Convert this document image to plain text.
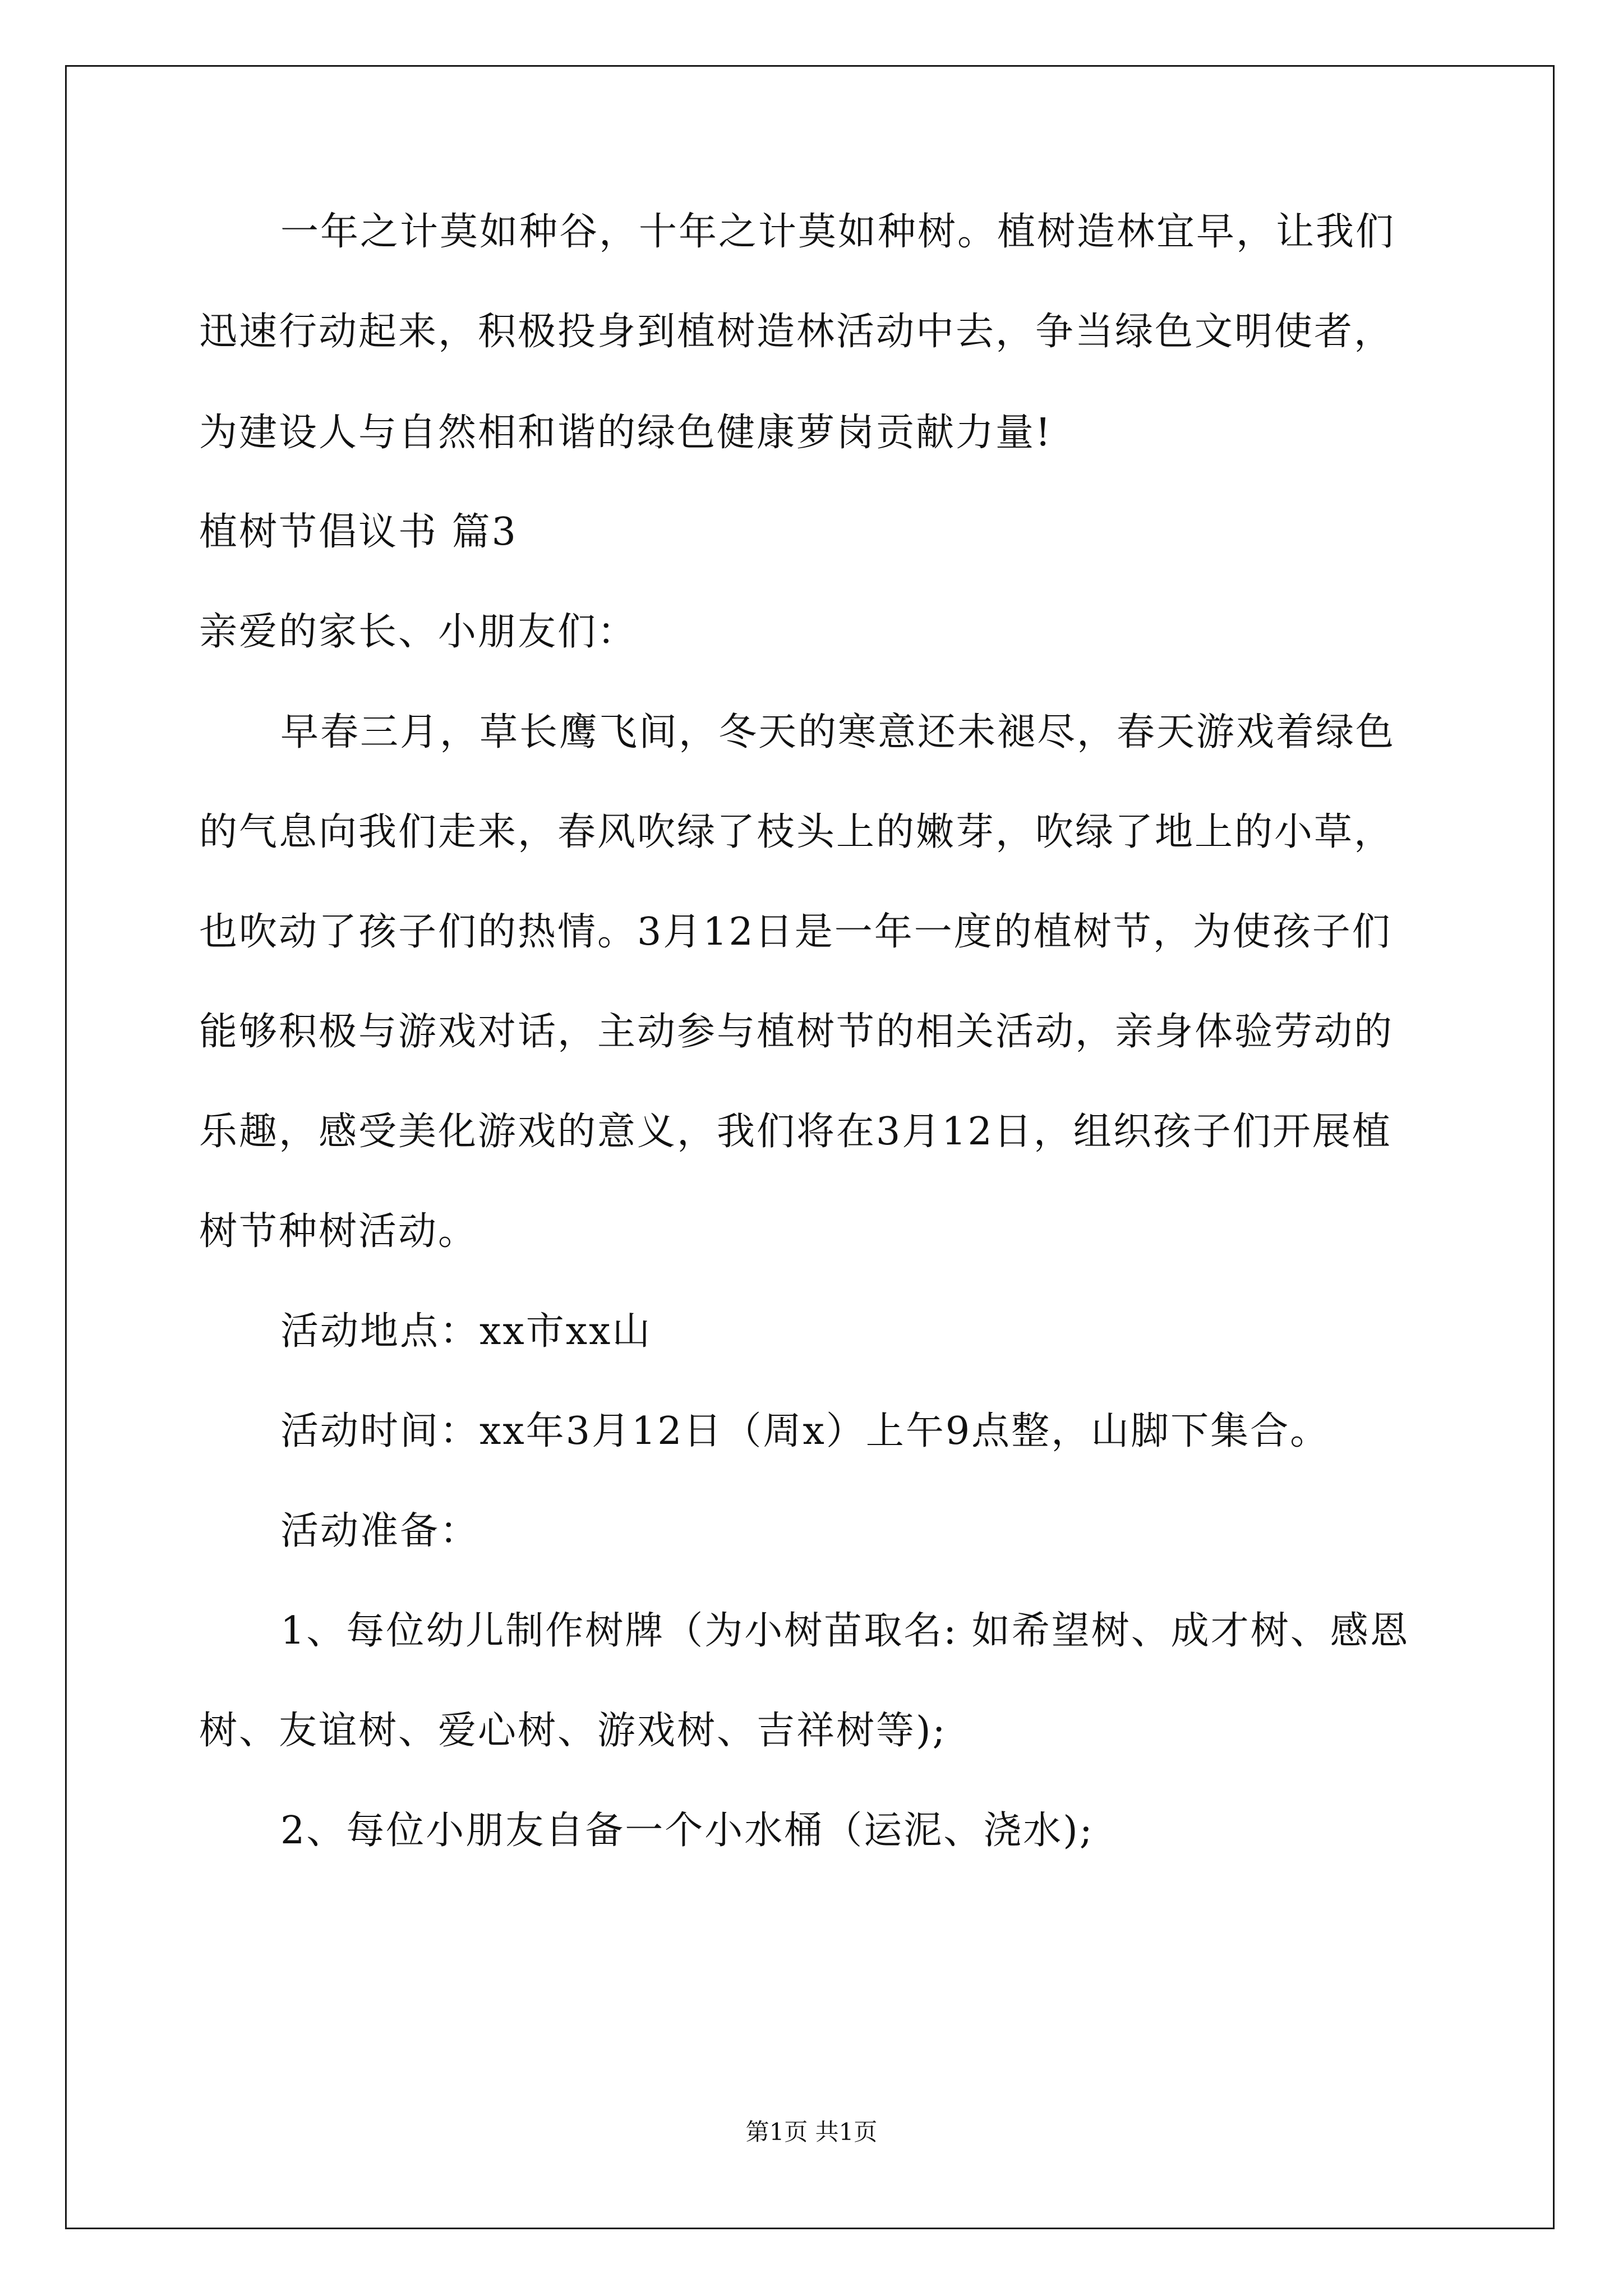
一年之计莫如种谷，十年之计莫如种树。植树造林宜早，让我们
迅速行动起来，积极投身到植树造林活动中去，争当绿色文明使者，
为建设人与自然相和谐的绿色健康萝岗贡献力量!
植树节倡议书 篇3
亲爱的家长、小朋友们：
早春三月，草长鹰飞间，冬天的寒意还未褪尽，春天游戏着绿色
的气息向我们走来，春风吹绿了枝头上的嫩芽，吹绿了地上的小草，
也吹动了孩子们的热情。3月12日是一年一度的植树节，为使孩子们
能够积极与游戏对话，主动参与植树节的相关活动，亲身体验劳动的
乐趣，感受美化游戏的意义，我们将在3月12日，组织孩子们开展植
树节种树活动。
活动地点：xx市xx山
活动时间：xx年3月12日（周x）上午9点整，山脚下集合。
活动准备：
1、每位幼儿制作树牌（为小树苗取名: 如希望树、成才树、感恩
树、友谊树、爱心树、游戏树、吉祥树等);
2、每位小朋友自备一个小水桶（运泥、浇水);
第1页 共1页
